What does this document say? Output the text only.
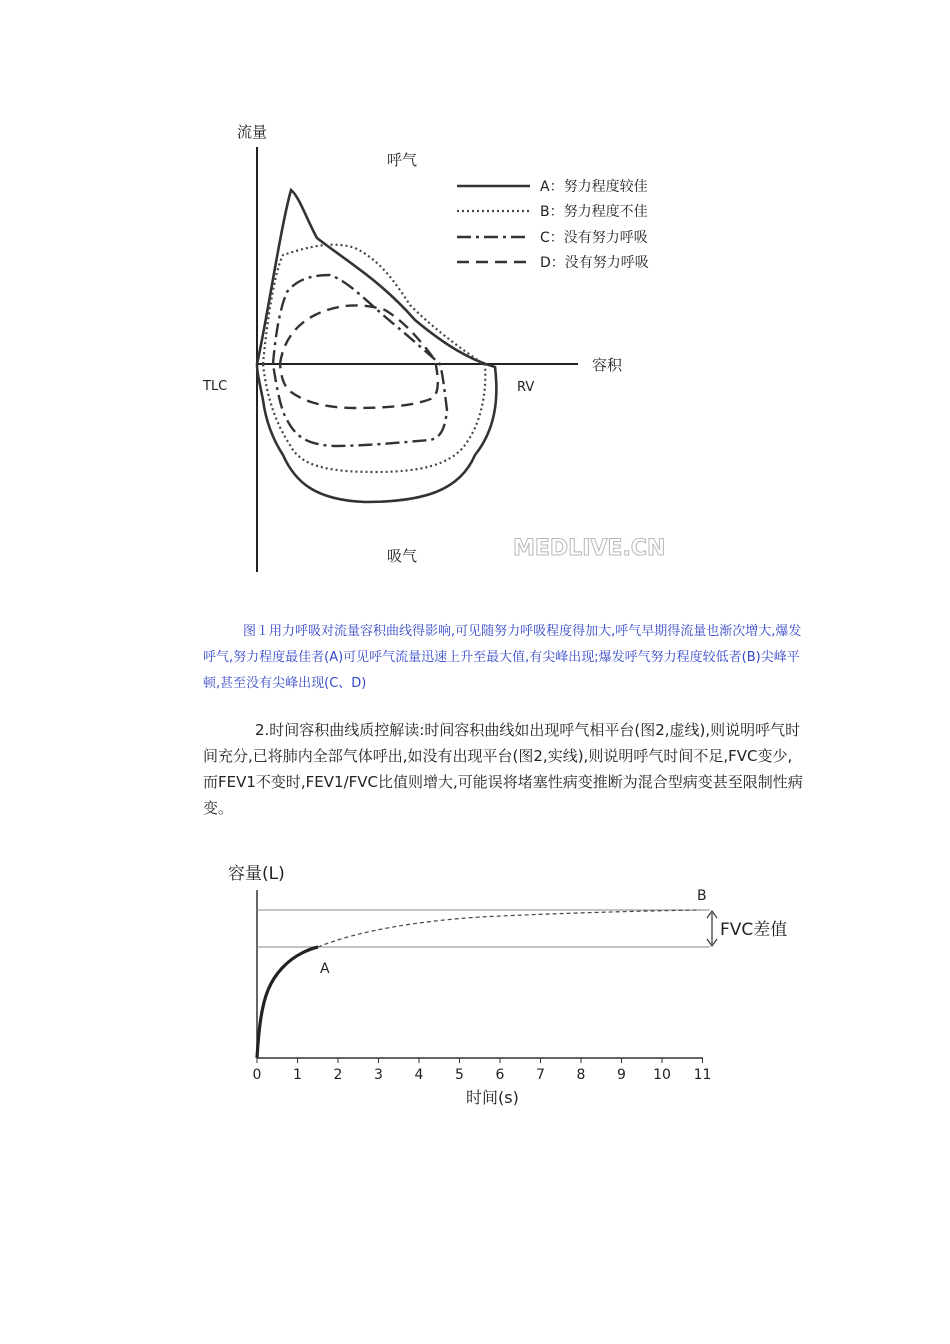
流量
容积
呼气
吸气
TLC	RV
A：努力程度较佳
B：努力程度不佳
C：没有努力呼吸
D：没有努力呼吸
MEDLIVE.CN
图１用力呼吸对流量容积曲线得影响,可见随努力呼吸程度得加大,呼气早期得流量也渐次增大,爆发呼气,努力程度最佳者(A)可见呼气流量迅速上升至最大值,有尖峰出现;爆发呼气努力程度较低者(B)尖峰平顿,甚至没有尖峰出现(C、D)
2.时间容积曲线质控解读:时间容积曲线如出现呼气相平台(图2,虚线),则说明呼气时间充分,已将肺内全部气体呼出,如没有出现平台(图2,实线),则说明呼气时间不足,FVC变少,而FEV1不变时,FEV1/FVC比值则增大,可能误将堵塞性病变推断为混合型病变甚至限制性病变。
容量(L)
0 1 2 3 4 5 6 7 8 9 10 11
时间(s)
A
B
FVC差值
